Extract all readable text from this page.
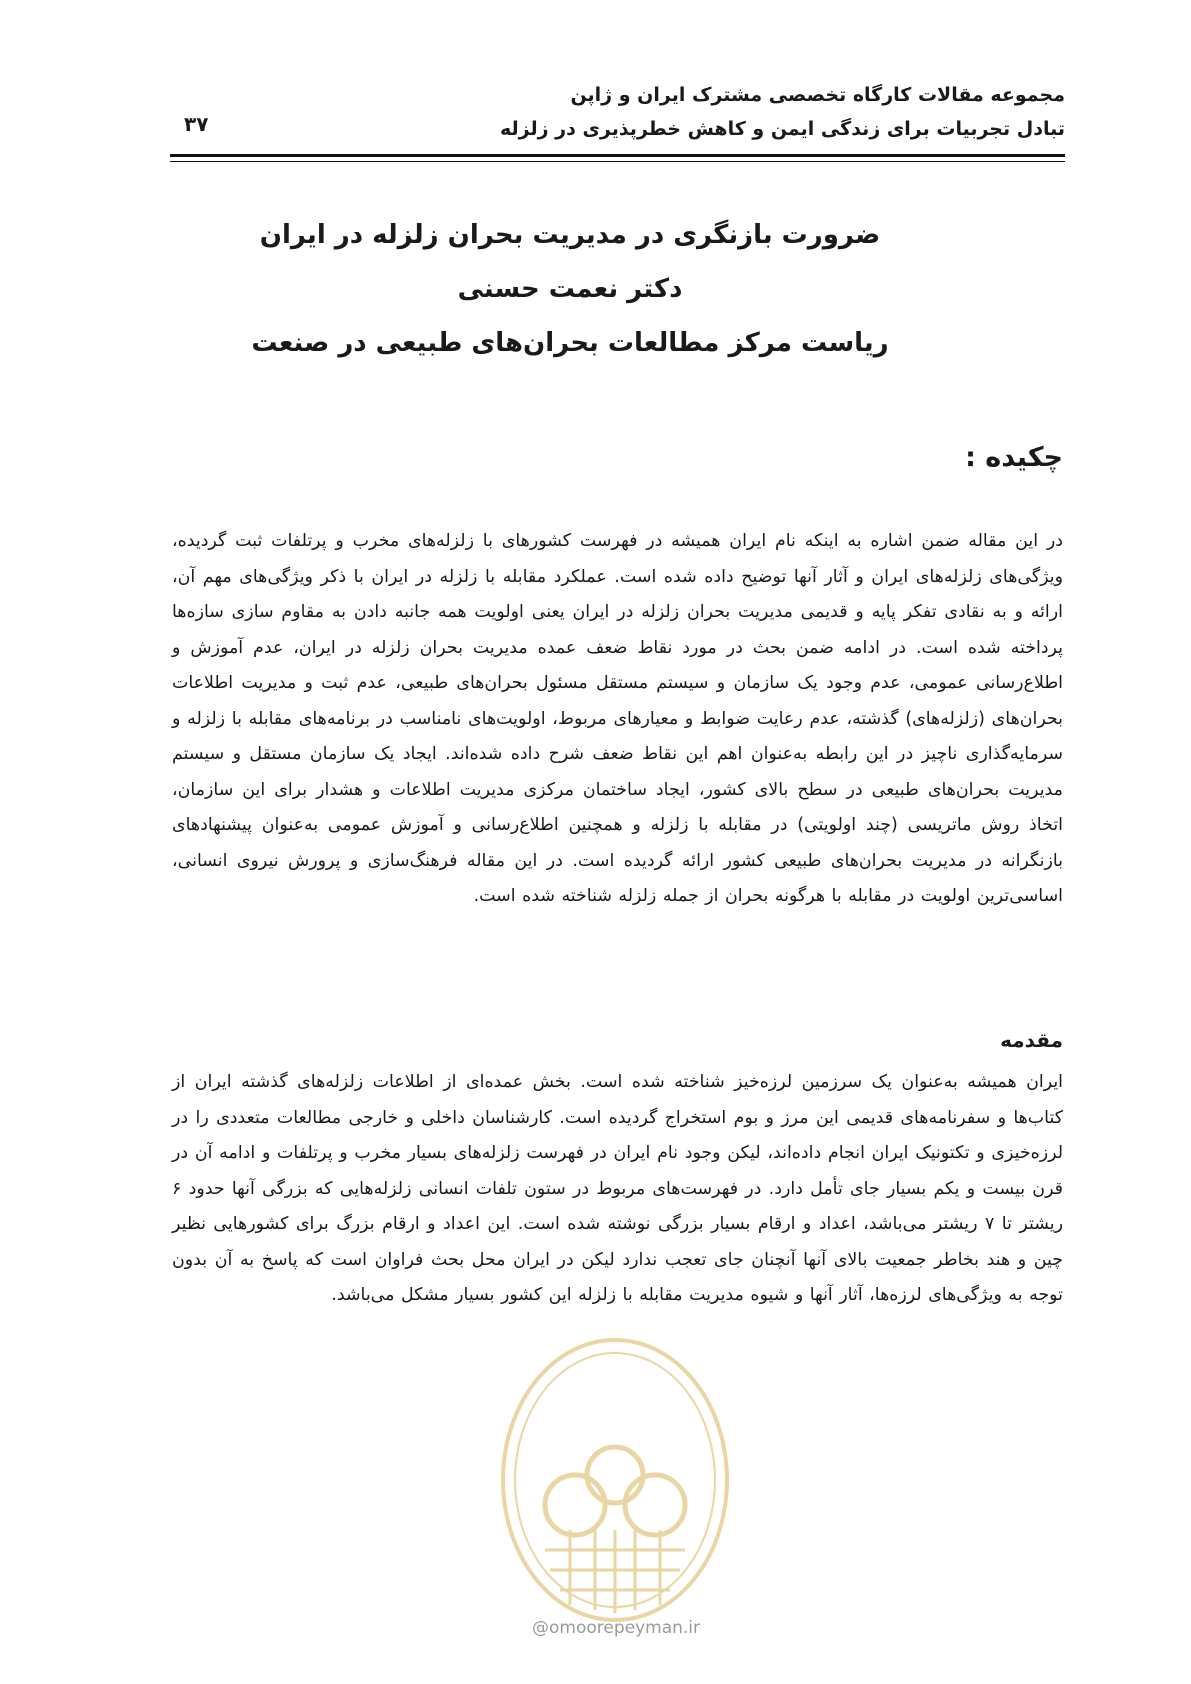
مجموعه مقالات کارگاه تخصصی مشترک ایران و ژاپن
تبادل تجربیات برای زندگی ایمن و کاهش خطرپذیری در زلزله
۳۷
ضرورت بازنگری در مدیریت بحران زلزله در ایران
دکتر نعمت حسنی
ریاست مرکز مطالعات بحران‌های طبیعی در صنعت
چکیده :
در این مقاله ضمن اشاره به اینکه نام ایران همیشه در فهرست کشورهای با زلزله‌های مخرب و پرتلفات ثبت گردیده، ویژگی‌های زلزله‌های ایران و آثار آنها توضیح داده شده است. عملکرد مقابله با زلزله در ایران با ذکر ویژگی‌های مهم آن، ارائه و به نقادی تفکر پایه و قدیمی مدیریت بحران زلزله در ایران یعنی اولویت همه جانبه دادن به مقاوم سازی سازه‌ها پرداخته شده است. در ادامه ضمن بحث در مورد نقاط ضعف عمده مدیریت بحران زلزله در ایران، عدم آموزش و اطلاع‌رسانی عمومی، عدم وجود یک سازمان و سیستم مستقل مسئول بحران‌های طبیعی، عدم ثبت و مدیریت اطلاعات بحران‌های (زلزله‌های) گذشته، عدم رعایت ضوابط و معیارهای مربوط، اولویت‌های نامناسب در برنامه‌های مقابله با زلزله و سرمایه‌گذاری ناچیز در این رابطه به‌عنوان اهم این نقاط ضعف شرح داده شده‌اند. ایجاد یک سازمان مستقل و سیستم مدیریت بحران‌های طبیعی در سطح بالای کشور، ایجاد ساختمان مرکزی مدیریت اطلاعات و هشدار برای این سازمان، اتخاذ روش ماتریسی (چند اولویتی) در مقابله با زلزله و همچنین اطلاع‌رسانی و آموزش عمومی به‌عنوان پیشنهادهای بازنگرانه در مدیریت بحران‌های طبیعی کشور ارائه گردیده است. در این مقاله فرهنگ‌سازی و پرورش نیروی انسانی، اساسی‌ترین اولویت در مقابله با هرگونه بحران از جمله زلزله شناخته شده است.
مقدمه
ایران همیشه به‌عنوان یک سرزمین لرزه‌خیز شناخته شده است. بخش عمده‌ای از اطلاعات زلزله‌های گذشته ایران از کتاب‌ها و سفرنامه‌های قدیمی این مرز و بوم استخراج گردیده است. کارشناسان داخلی و خارجی مطالعات متعددی را در لرزه‌خیزی و تکتونیک ایران انجام داده‌اند، لیکن وجود نام ایران در فهرست زلزله‌های بسیار مخرب و پرتلفات و ادامه آن در قرن بیست و یکم بسیار جای تأمل دارد. در فهرست‌های مربوط در ستون تلفات انسانی زلزله‌هایی که بزرگی آنها حدود ۶ ریشتر تا ۷ ریشتر می‌باشد، اعداد و ارقام بسیار بزرگی نوشته شده است. این اعداد و ارقام بزرگ برای کشورهایی نظیر چین و هند بخاطر جمعیت بالای آنها آنچنان جای تعجب ندارد لیکن در ایران محل بحث فراوان است که پاسخ به آن بدون توجه به ویژگی‌های لرزه‌ها، آثار آنها و شیوه مدیریت مقابله با زلزله این کشور بسیار مشکل می‌باشد.
@omoorepeyman.ir
